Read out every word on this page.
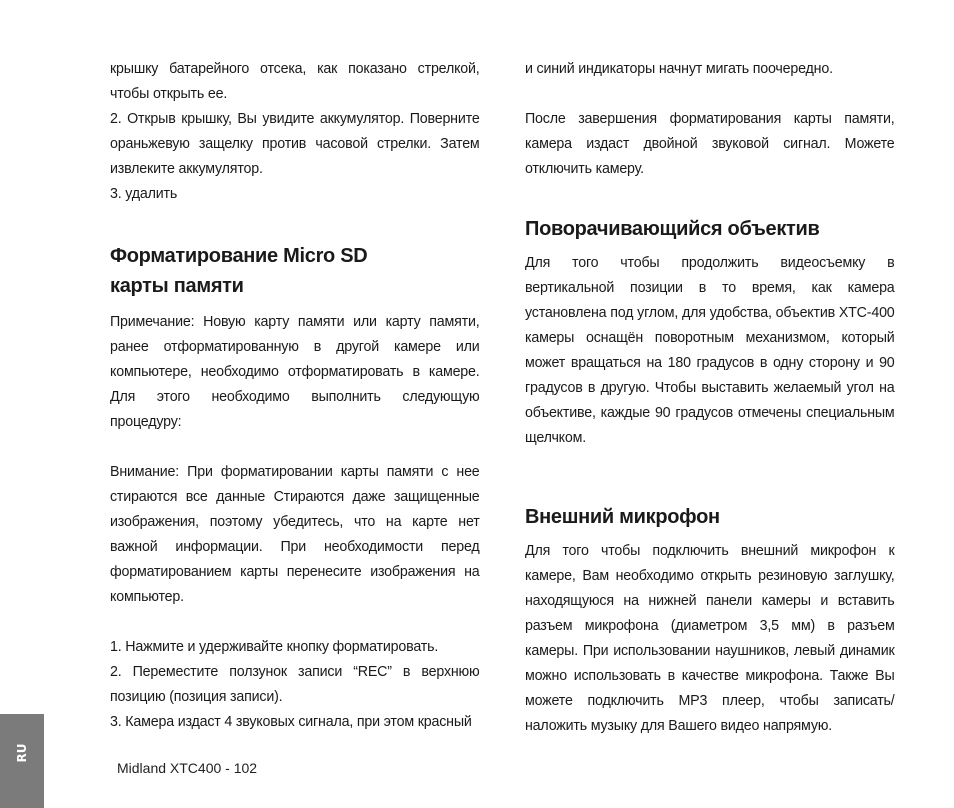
крышку батарейного отсека, как показано стрелкой, чтобы открыть ее.

2. Открыв крышку, Вы увидите аккумулятор. Поверните ораньжевую защелку против часовой стрелки. Затем извлеките аккумулятор.

3. удалить

Форматирование Micro SD карты памяти

Примечание: Новую карту памяти или карту памяти, ранее отформатированную в другой камере или компьютере, необходимо отформатировать в камере. Для этого необходимо выполнить следующую процедуру:

Внимание: При форматировании карты памяти с нее стираются все данные Стираются даже защищенные изображения, поэтому убедитесь, что на карте нет важной информации. При необходимости перед форматированием карты перенесите изображения на компьютер.

1. Нажмите и удерживайте кнопку форматировать.

2. Переместите ползунок записи “REC” в верхнюю позицию (позиция записи).

3. Камера издаст 4 звуковых сигнала, при этом красный

и синий индикаторы начнут мигать поочередно.

После завершения форматирования карты памяти, камера издаст двойной звуковой сигнал. Можете отключить камеру.

Поворачивающийся объектив

Для того чтобы продолжить видеосъемку в вертикальной позиции в то время, как камера установлена под углом, для удобства, объектив XTC-400 камеры оснащён поворотным механизмом, который может вращаться на 180 градусов в одну сторону и 90 градусов в другую. Чтобы выставить желаемый угол на объективе, каждые 90 градусов отмечены специальным щелчком.

Внешний микрофон

Для того чтобы подключить внешний микрофон к камере, Вам необходимо открыть резиновую заглушку, находящуюся на нижней панели камеры и вставить разъем микрофона (диаметром 3,5 мм) в разъем камеры. При использовании наушников, левый динамик можно использовать в качестве микрофона. Также Вы можете подключить MP3 плеер, чтобы записать/наложить музыку для Вашего видео напрямую.

RU
Midland XTC400 - 102
